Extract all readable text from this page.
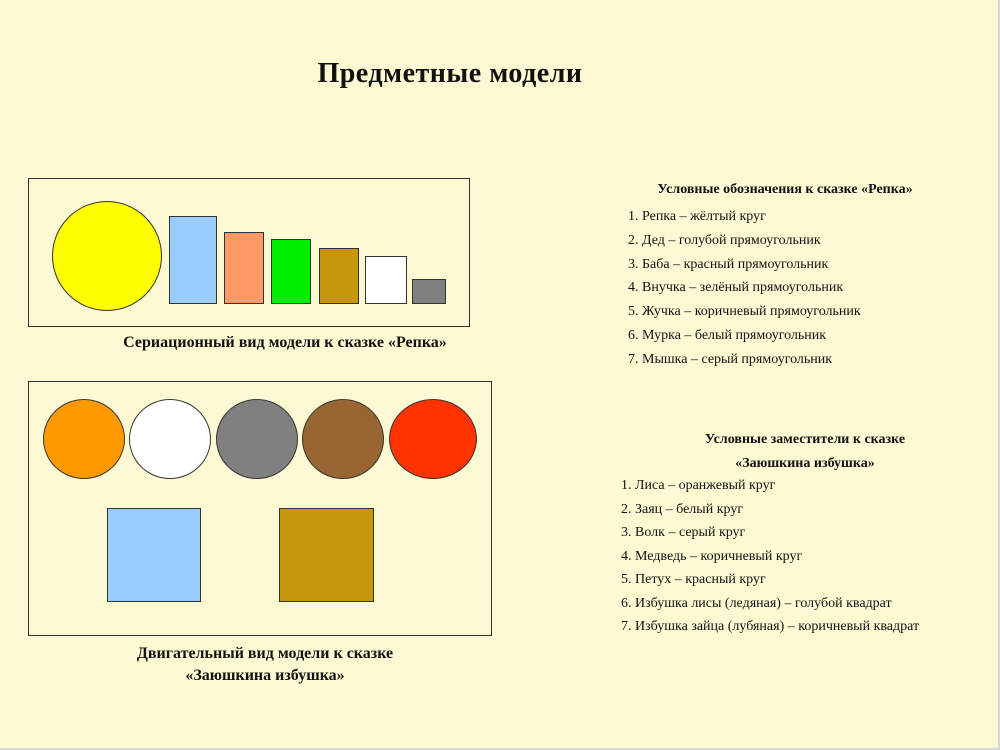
Предметные модели
Сериационный вид модели к сказке «Репка»
Двигательный вид модели к сказке
«Заюшкина избушка»
Условные обозначения к сказке «Репка»
1. Репка – жёлтый круг
2. Дед – голубой прямоугольник
3. Баба – красный прямоугольник
4. Внучка – зелёный прямоугольник
5. Жучка – коричневый прямоугольник
6. Мурка – белый прямоугольник
7. Мышка – серый прямоугольник
Условные заместители к сказке
«Заюшкина избушка»
1. Лиса – оранжевый круг
2. Заяц – белый круг
3. Волк – серый круг
4. Медведь – коричневый круг
5. Петух – красный круг
6. Избушка лисы (ледяная) – голубой квадрат
7. Избушка зайца (лубяная) – коричневый квадрат
